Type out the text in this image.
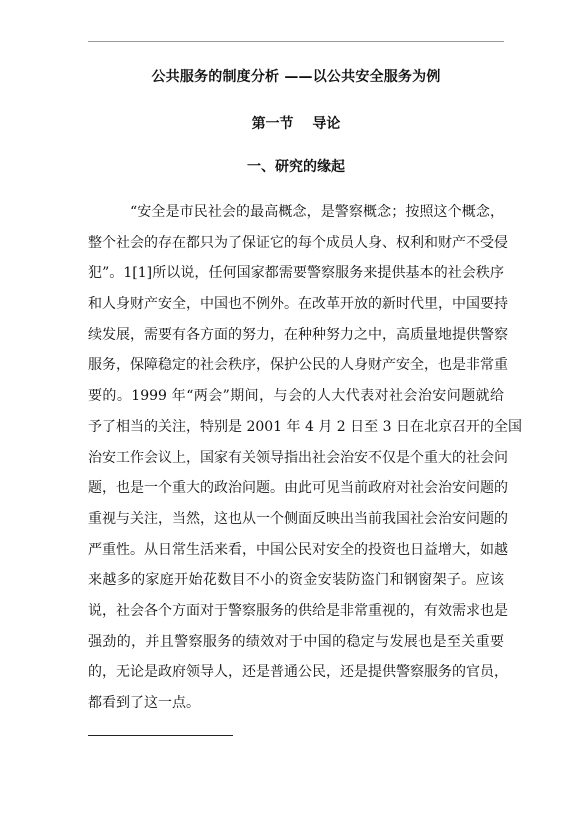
公共服务的制度分析 ——以公共安全服务为例
第一节 导论
一、研究的缘起
“安全是市民社会的最高概念，是警察概念；按照这个概念，
整个社会的存在都只为了保证它的每个成员人身、权利和财产不受侵
犯”。1[1]所以说，任何国家都需要警察服务来提供基本的社会秩序
和人身财产安全，中国也不例外。在改革开放的新时代里，中国要持
续发展，需要有各方面的努力，在种种努力之中，高质量地提供警察
服务，保障稳定的社会秩序，保护公民的人身财产安全，也是非常重
要的。1999 年“两会”期间，与会的人大代表对社会治安问题就给
予了相当的关注，特别是 2001 年 4 月 2 日至 3 日在北京召开的全国
治安工作会议上，国家有关领导指出社会治安不仅是个重大的社会问
题，也是一个重大的政治问题。由此可见当前政府对社会治安问题的
重视与关注，当然，这也从一个侧面反映出当前我国社会治安问题的
严重性。从日常生活来看，中国公民对安全的投资也日益增大，如越
来越多的家庭开始花数目不小的资金安装防盗门和钢窗架子。应该
说，社会各个方面对于警察服务的供给是非常重视的，有效需求也是
强劲的，并且警察服务的绩效对于中国的稳定与发展也是至关重要
的，无论是政府领导人，还是普通公民，还是提供警察服务的官员，
都看到了这一点。
